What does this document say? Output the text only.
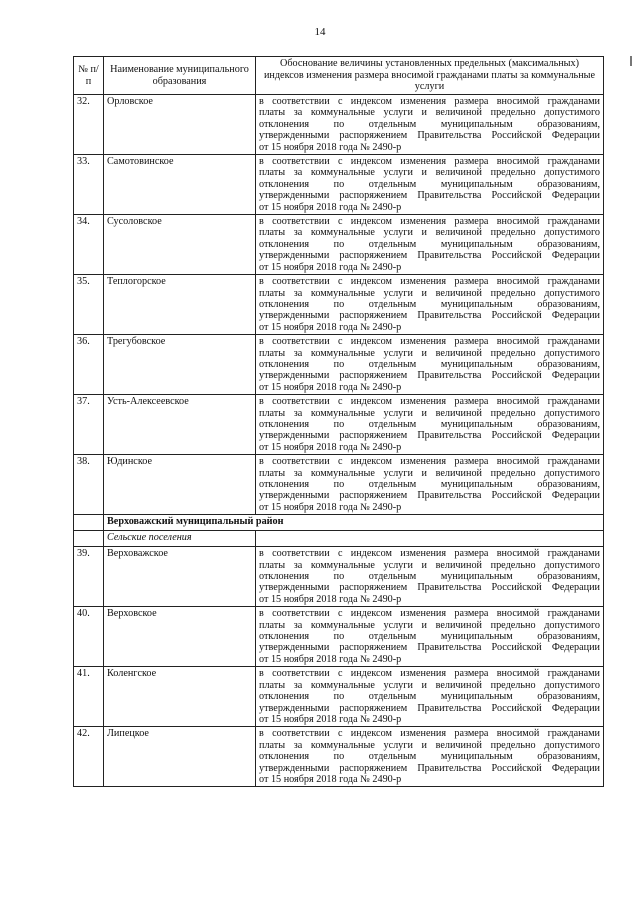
14
№ п/п	Наименование муниципального образования	Обоснование величины установленных предельных (максимальных) индексов изменения размера вносимой гражданами платы за коммунальные услуги

32.	Орловское	в соответствии с индексом изменения размера вносимой гражданами
платы за коммунальные услуги и величиной предельно допустимого
отклонения по отдельным муниципальным образованиям,
утвержденными распоряжением Правительства Российской Федерации
от 15 ноября 2018 года № 2490-р

33.	Самотовинское	в соответствии с индексом изменения размера вносимой гражданами
платы за коммунальные услуги и величиной предельно допустимого
отклонения по отдельным муниципальным образованиям,
утвержденными распоряжением Правительства Российской Федерации
от 15 ноября 2018 года № 2490-р

34.	Сусоловское	в соответствии с индексом изменения размера вносимой гражданами
платы за коммунальные услуги и величиной предельно допустимого
отклонения по отдельным муниципальным образованиям,
утвержденными распоряжением Правительства Российской Федерации
от 15 ноября 2018 года № 2490-р

35.	Теплогорское	в соответствии с индексом изменения размера вносимой гражданами
платы за коммунальные услуги и величиной предельно допустимого
отклонения по отдельным муниципальным образованиям,
утвержденными распоряжением Правительства Российской Федерации
от 15 ноября 2018 года № 2490-р

36.	Трегубовское	в соответствии с индексом изменения размера вносимой гражданами
платы за коммунальные услуги и величиной предельно допустимого
отклонения по отдельным муниципальным образованиям,
утвержденными распоряжением Правительства Российской Федерации
от 15 ноября 2018 года № 2490-р

37.	Усть-Алексеевское	в соответствии с индексом изменения размера вносимой гражданами
платы за коммунальные услуги и величиной предельно допустимого
отклонения по отдельным муниципальным образованиям,
утвержденными распоряжением Правительства Российской Федерации
от 15 ноября 2018 года № 2490-р

38.	Юдинское	в соответствии с индексом изменения размера вносимой гражданами
платы за коммунальные услуги и величиной предельно допустимого
отклонения по отдельным муниципальным образованиям,
утвержденными распоряжением Правительства Российской Федерации
от 15 ноября 2018 года № 2490-р

	Верховажский муниципальный район	
	Сельские поселения	
39.	Верховажское	в соответствии с индексом изменения размера вносимой гражданами
платы за коммунальные услуги и величиной предельно допустимого
отклонения по отдельным муниципальным образованиям,
утвержденными распоряжением Правительства Российской Федерации
от 15 ноября 2018 года № 2490-р

40.	Верховское	в соответствии с индексом изменения размера вносимой гражданами
платы за коммунальные услуги и величиной предельно допустимого
отклонения по отдельным муниципальным образованиям,
утвержденными распоряжением Правительства Российской Федерации
от 15 ноября 2018 года № 2490-р

41.	Коленгское	в соответствии с индексом изменения размера вносимой гражданами
платы за коммунальные услуги и величиной предельно допустимого
отклонения по отдельным муниципальным образованиям,
утвержденными распоряжением Правительства Российской Федерации
от 15 ноября 2018 года № 2490-р

42.	Липецкое	в соответствии с индексом изменения размера вносимой гражданами
платы за коммунальные услуги и величиной предельно допустимого
отклонения по отдельным муниципальным образованиям,
утвержденными распоряжением Правительства Российской Федерации
от 15 ноября 2018 года № 2490-р
